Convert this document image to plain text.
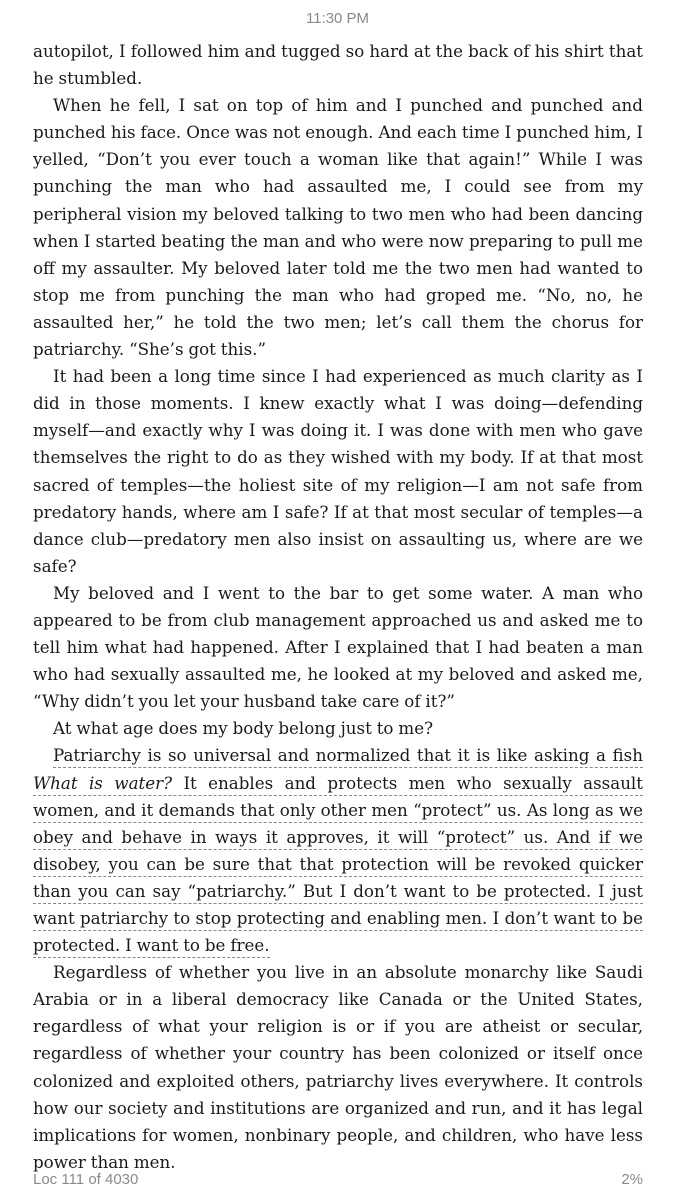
11:30 PM

autopilot, I followed him and tugged so hard at the back of his shirt that he stumbled.

When he fell, I sat on top of him and I punched and punched and punched his face. Once was not enough. And each time I punched him, I yelled, “Don’t you ever touch a woman like that again!” While I was punching the man who had assaulted me, I could see from my peripheral vision my beloved talking to two men who had been dancing when I started beating the man and who were now preparing to pull me off my assaulter. My beloved later told me the two men had wanted to stop me from punching the man who had groped me. “No, no, he assaulted her,” he told the two men; let’s call them the chorus for patriarchy. “She’s got this.”

It had been a long time since I had experienced as much clarity as I did in those moments. I knew exactly what I was doing—defending myself—and exactly why I was doing it. I was done with men who gave themselves the right to do as they wished with my body. If at that most sacred of temples—the holiest site of my religion—I am not safe from predatory hands, where am I safe? If at that most secular of temples—a dance club—predatory men also insist on assaulting us, where are we safe?

My beloved and I went to the bar to get some water. A man who appeared to be from club management approached us and asked me to tell him what had happened. After I explained that I had beaten a man who had sexually assaulted me, he looked at my beloved and asked me, “Why didn’t you let your husband take care of it?”

At what age does my body belong just to me?

Patriarchy is so universal and normalized that it is like asking a fish What is water? It enables and protects men who sexually assault women, and it demands that only other men “protect” us. As long as we obey and behave in ways it approves, it will “protect” us. And if we disobey, you can be sure that that protection will be revoked quicker than you can say “patriarchy.” But I don’t want to be protected. I just want patriarchy to stop protecting and enabling men. I don’t want to be protected. I want to be free.

Regardless of whether you live in an absolute monarchy like Saudi Arabia or in a liberal democracy like Canada or the United States, regardless of what your religion is or if you are atheist or secular, regardless of whether your country has been colonized or itself once colonized and exploited others, patriarchy lives everywhere. It controls how our society and institutions are organized and run, and it has legal implications for women, nonbinary people, and children, who have less power than men.

Loc 111 of 4030	2%
